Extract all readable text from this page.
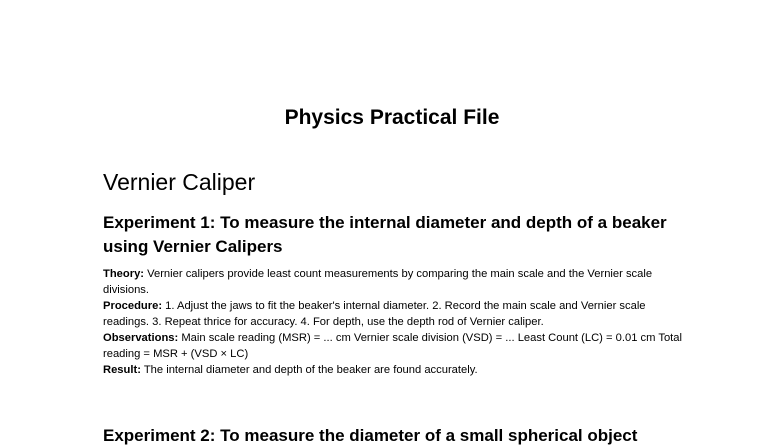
Physics Practical File
Vernier Caliper
Experiment 1: To measure the internal diameter and depth of a beaker using Vernier Calipers

Theory: Vernier calipers provide least count measurements by comparing the main scale and the Vernier scale divisions.

Procedure: 1. Adjust the jaws to fit the beaker's internal diameter. 2. Record the main scale and Vernier scale readings. 3. Repeat thrice for accuracy. 4. For depth, use the depth rod of Vernier caliper.

Observations: Main scale reading (MSR) = ... cm Vernier scale division (VSD) = ... Least Count (LC) = 0.01 cm Total reading = MSR + (VSD × LC)

Result: The internal diameter and depth of the beaker are found accurately.

Experiment 2: To measure the diameter of a small spherical object
